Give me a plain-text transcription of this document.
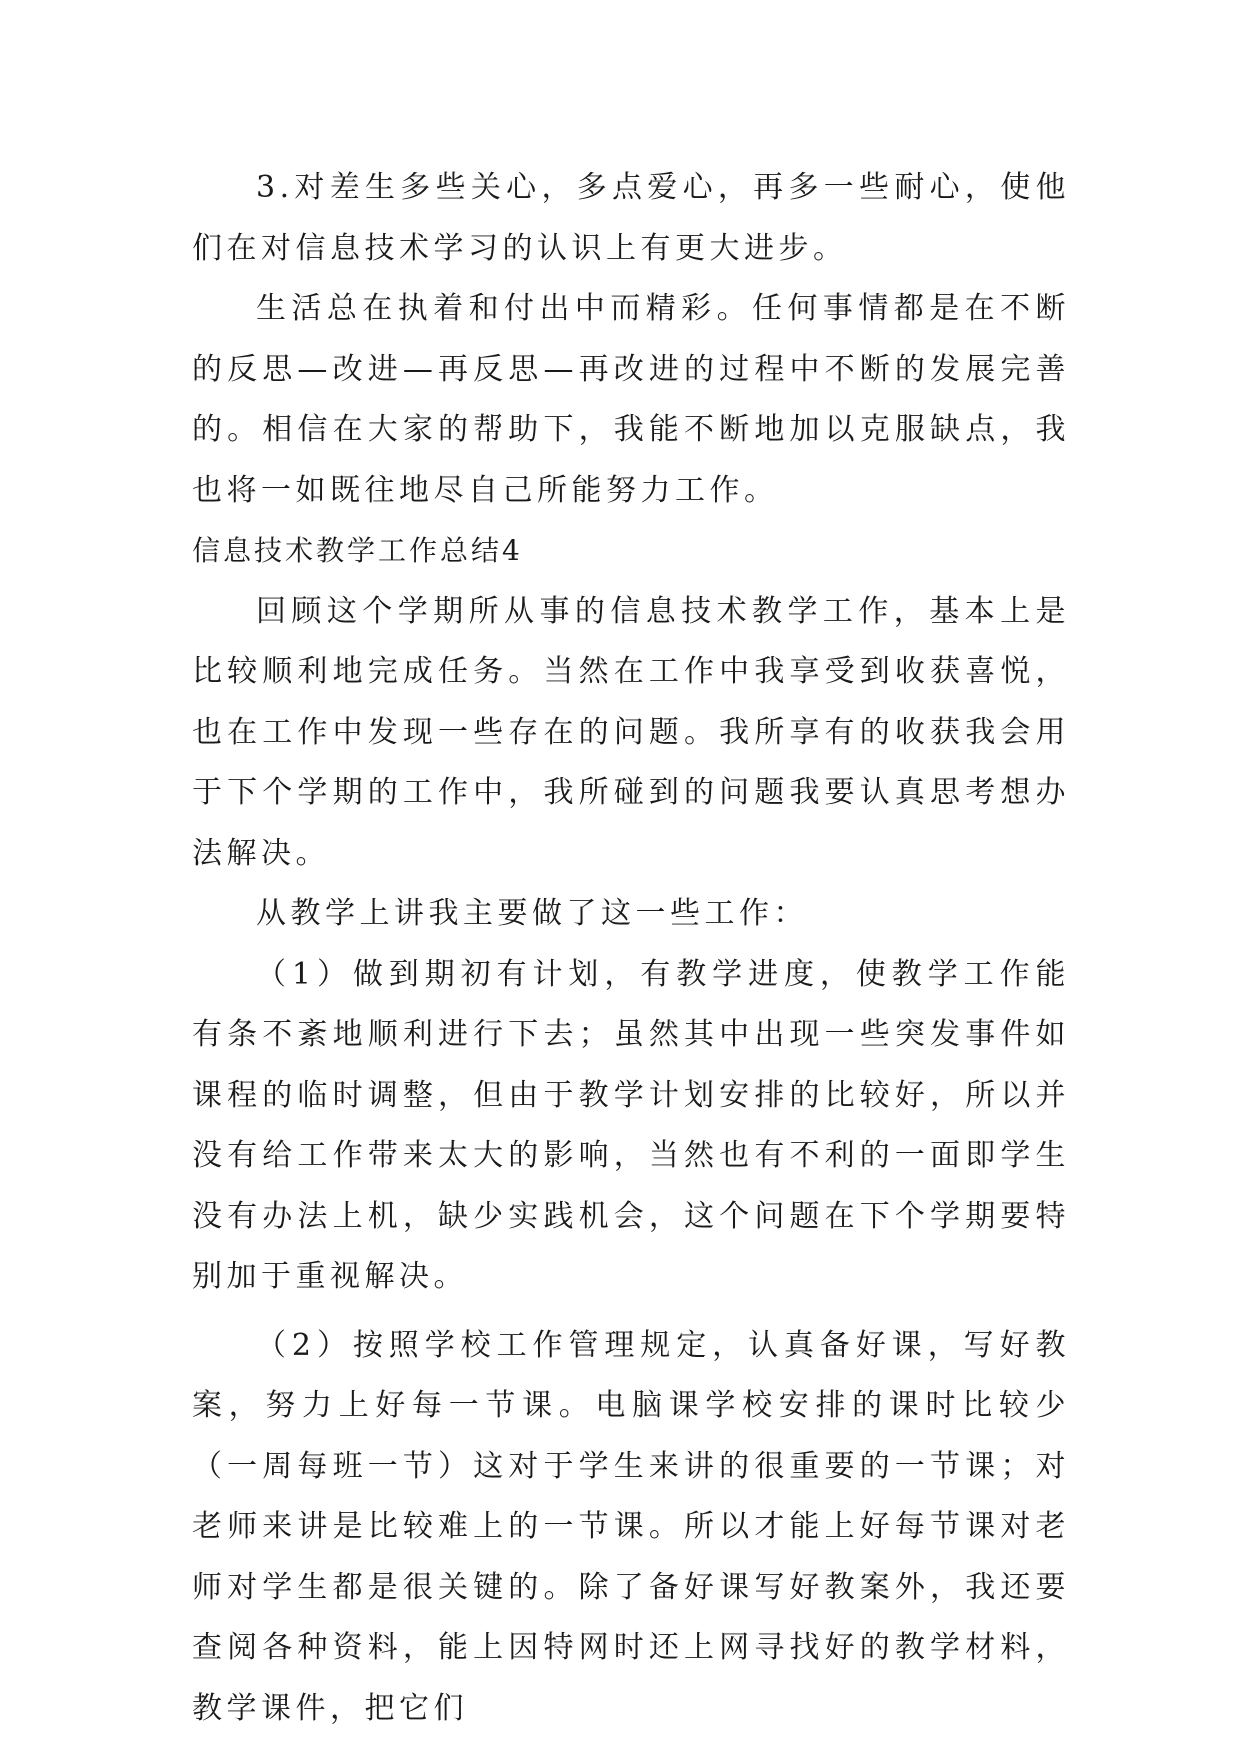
3.对差生多些关心，多点爱心，再多一些耐心，使他们在对信息技术学习的认识上有更大进步。

生活总在执着和付出中而精彩。任何事情都是在不断的反思—改进—再反思—再改进的过程中不断的发展完善的。相信在大家的帮助下，我能不断地加以克服缺点，我也将一如既往地尽自己所能努力工作。

信息技术教学工作总结4

回顾这个学期所从事的信息技术教学工作，基本上是比较顺利地完成任务。当然在工作中我享受到收获喜悦，也在工作中发现一些存在的问题。我所享有的收获我会用于下个学期的工作中，我所碰到的问题我要认真思考想办法解决。

从教学上讲我主要做了这一些工作：

（1）做到期初有计划，有教学进度，使教学工作能有条不紊地顺利进行下去；虽然其中出现一些突发事件如课程的临时调整，但由于教学计划安排的比较好，所以并没有给工作带来太大的影响，当然也有不利的一面即学生没有办法上机，缺少实践机会，这个问题在下个学期要特别加于重视解决。

（2）按照学校工作管理规定，认真备好课，写好教案，努力上好每一节课。电脑课学校安排的课时比较少（一周每班一节）这对于学生来讲的很重要的一节课；对老师来讲是比较难上的一节课。所以才能上好每节课对老师对学生都是很关键的。除了备好课写好教案外，我还要查阅各种资料，能上因特网时还上网寻找好的教学材料，教学课件，把它们
